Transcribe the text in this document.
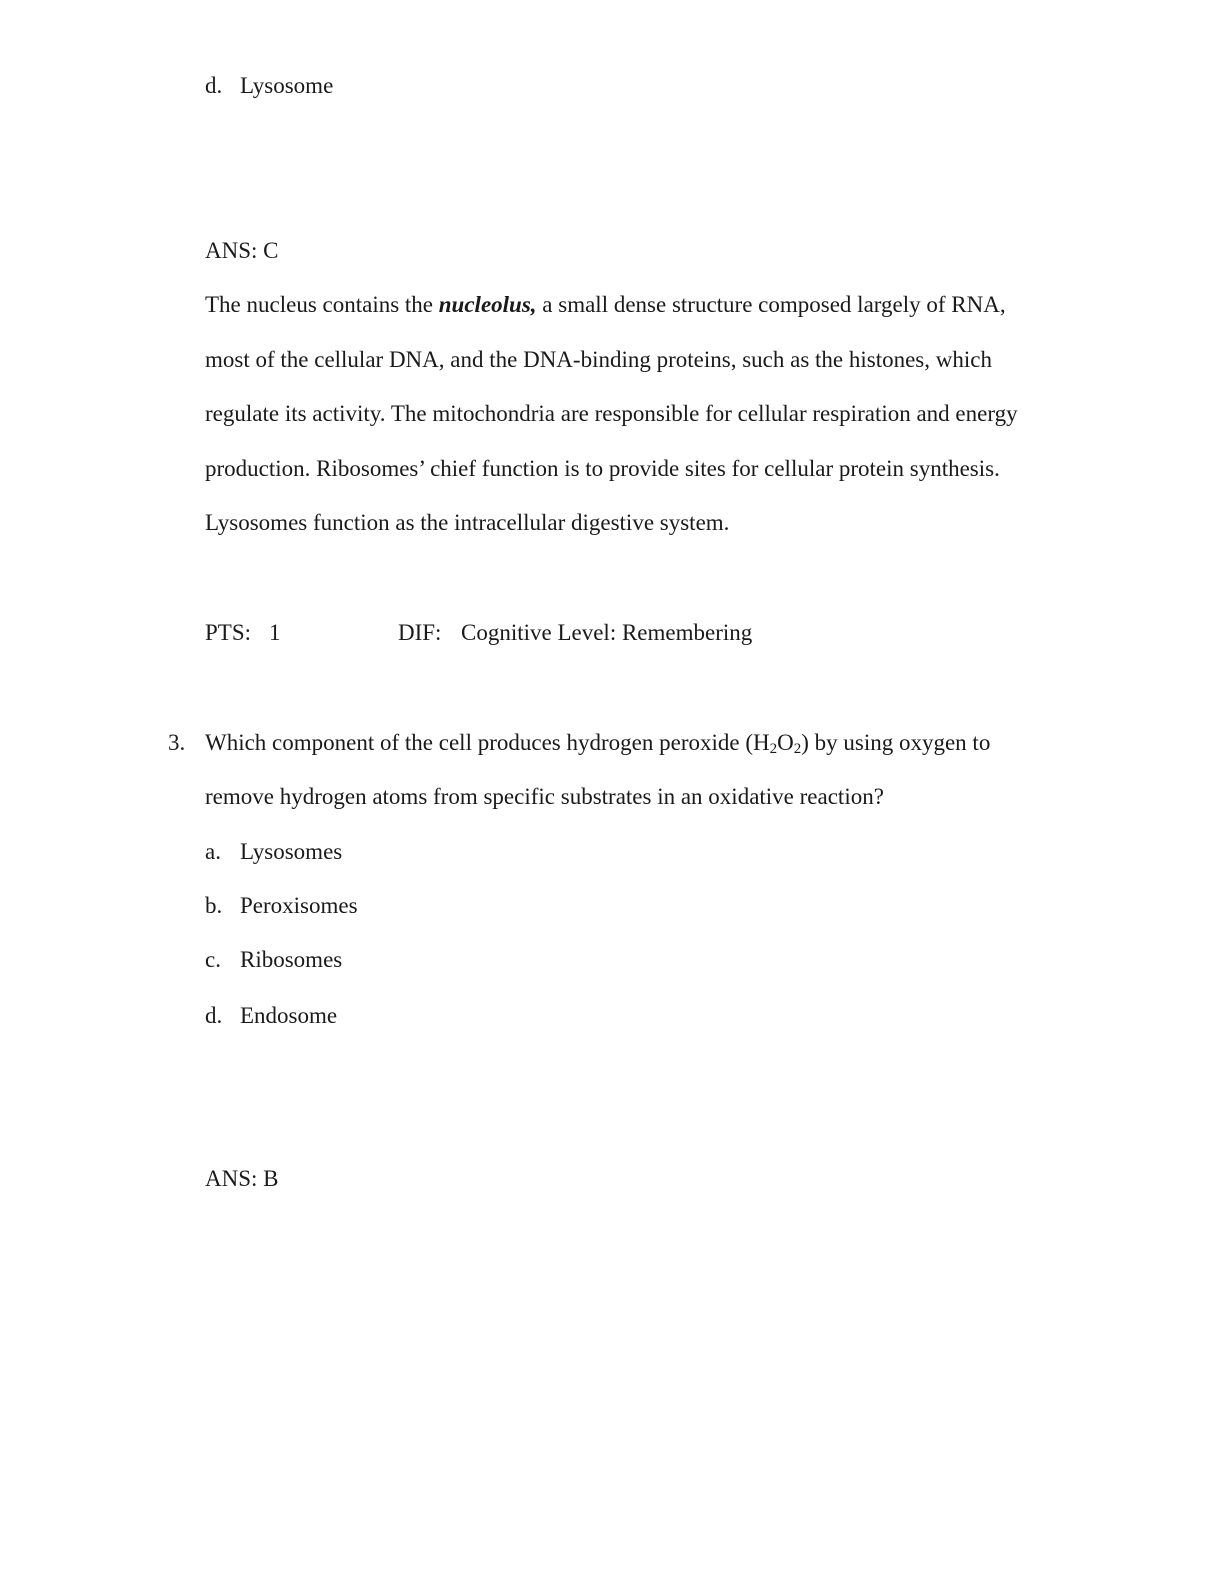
d. Lysosome
ANS: C
The nucleus contains the nucleolus, a small dense structure composed largely of RNA,
most of the cellular DNA, and the DNA-binding proteins, such as the histones, which
regulate its activity. The mitochondria are responsible for cellular respiration and energy
production. Ribosomes’ chief function is to provide sites for cellular protein synthesis.
Lysosomes function as the intracellular digestive system.
PTS: 1	DIF: Cognitive Level: Remembering
3. Which component of the cell produces hydrogen peroxide $(H_2O_2)$ by using oxygen to
remove hydrogen atoms from specific substrates in an oxidative reaction?
a. Lysosomes
b. Peroxisomes
c. Ribosomes
d. Endosome
ANS: B
